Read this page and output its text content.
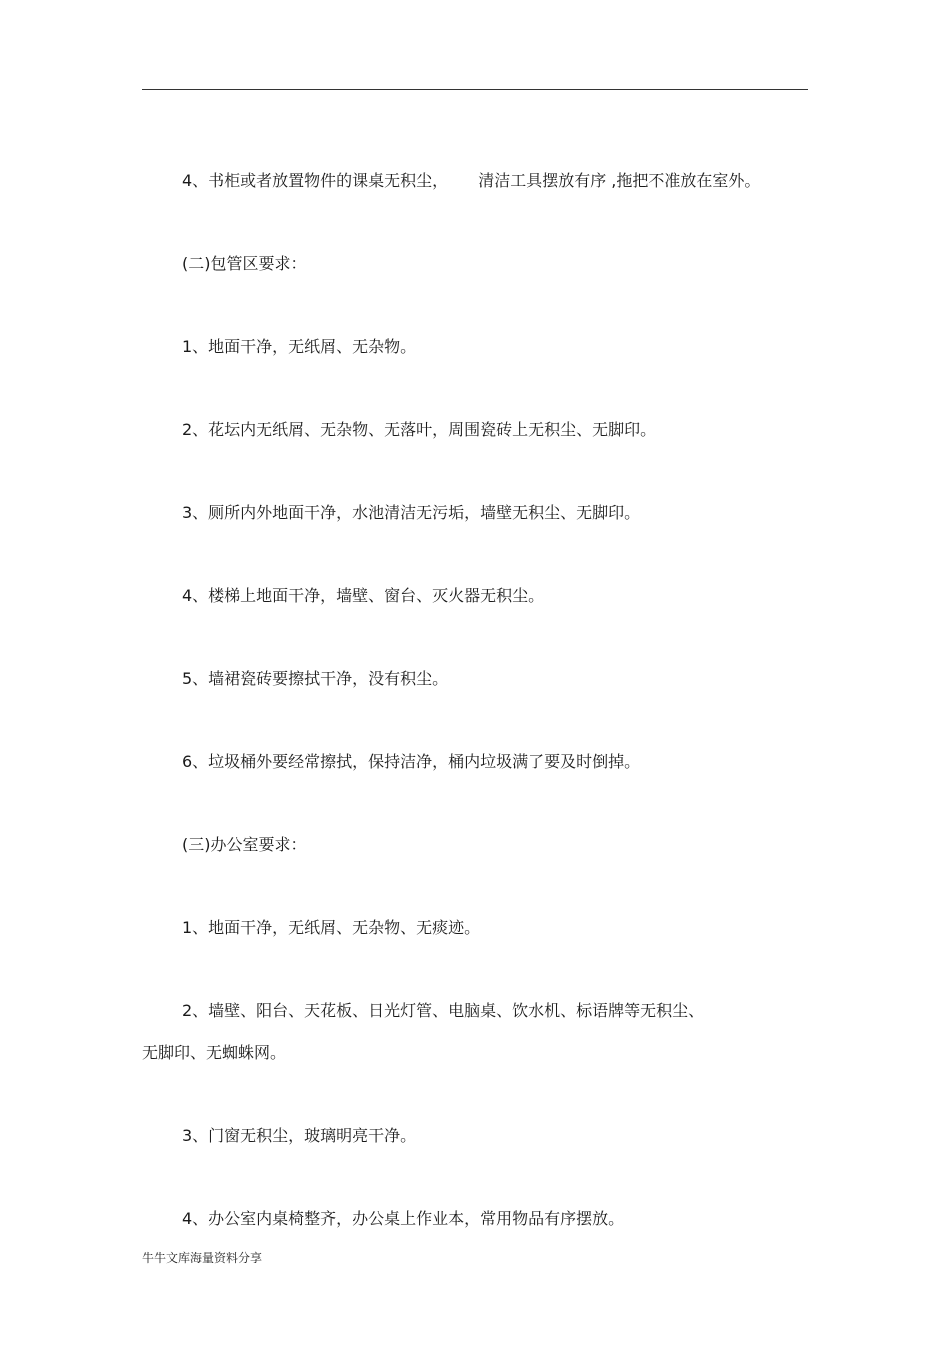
4、书柜或者放置物件的课桌无积尘， 清洁工具摆放有序 ,拖把不准放在室外。
(二)包管区要求：
1、地面干净，无纸屑、无杂物。
2、花坛内无纸屑、无杂物、无落叶，周围瓷砖上无积尘、无脚印。
3、厕所内外地面干净，水池清洁无污垢，墙壁无积尘、无脚印。
4、楼梯上地面干净，墙壁、窗台、灭火器无积尘。
5、墙裙瓷砖要擦拭干净，没有积尘。
6、垃圾桶外要经常擦拭，保持洁净，桶内垃圾满了要及时倒掉。
(三)办公室要求：
1、地面干净，无纸屑、无杂物、无痰迹。
2、墙壁、阳台、天花板、日光灯管、电脑桌、饮水机、标语牌等无积尘、
无脚印、无蜘蛛网。
3、门窗无积尘，玻璃明亮干净。
4、办公室内桌椅整齐，办公桌上作业本，常用物品有序摆放。
牛牛文库海量资料分享
